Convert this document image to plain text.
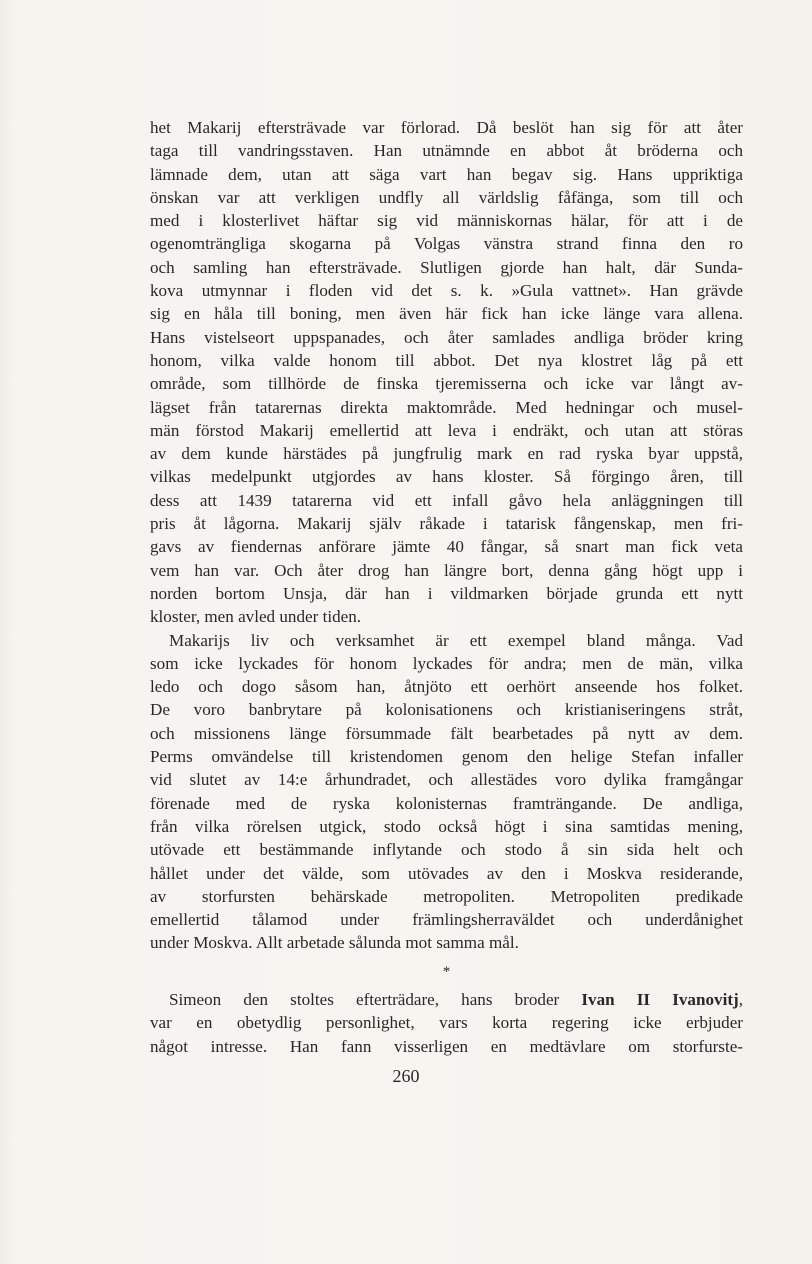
het Makarij eftersträvade var förlorad. Då beslöt han sig för att åter
taga till vandringsstaven. Han utnämnde en abbot åt bröderna och
lämnade dem, utan att säga vart han begav sig. Hans uppriktiga
önskan var att verkligen undfly all världslig fåfänga, som till och
med i klosterlivet häftar sig vid människornas hälar, för att i de
ogenomträngliga skogarna på Volgas vänstra strand finna den ro
och samling han eftersträvade. Slutligen gjorde han halt, där Sunda-
kova utmynnar i floden vid det s. k. »Gula vattnet». Han grävde
sig en håla till boning, men även här fick han icke länge vara allena.
Hans vistelseort uppspanades, och åter samlades andliga bröder kring
honom, vilka valde honom till abbot. Det nya klostret låg på ett
område, som tillhörde de finska tjeremisserna och icke var långt av-
lägset från tatarernas direkta maktområde. Med hedningar och musel-
män förstod Makarij emellertid att leva i endräkt, och utan att störas
av dem kunde härstädes på jungfrulig mark en rad ryska byar uppstå,
vilkas medelpunkt utgjordes av hans kloster. Så förgingo åren, till
dess att 1439 tatarerna vid ett infall gåvo hela anläggningen till
pris åt lågorna. Makarij själv råkade i tatarisk fångenskap, men fri-
gavs av fiendernas anförare jämte 40 fångar, så snart man fick veta
vem han var. Och åter drog han längre bort, denna gång högt upp i
norden bortom Unsja, där han i vildmarken började grunda ett nytt
kloster, men avled under tiden.
Makarijs liv och verksamhet är ett exempel bland många. Vad
som icke lyckades för honom lyckades för andra; men de män, vilka
ledo och dogo såsom han, åtnjöto ett oerhört anseende hos folket.
De voro banbrytare på kolonisationens och kristianiseringens stråt,
och missionens länge försummade fält bearbetades på nytt av dem.
Perms omvändelse till kristendomen genom den helige Stefan infaller
vid slutet av 14:e århundradet, och allestädes voro dylika framgångar
förenade med de ryska kolonisternas framträngande. De andliga,
från vilka rörelsen utgick, stodo också högt i sina samtidas mening,
utövade ett bestämmande inflytande och stodo å sin sida helt och
hållet under det välde, som utövades av den i Moskva residerande,
av storfursten behärskade metropoliten. Metropoliten predikade
emellertid tålamod under främlingsherraväldet och underdånighet
under Moskva. Allt arbetade sålunda mot samma mål.
*
Simeon den stoltes efterträdare, hans broder Ivan II Ivanovitj,
var en obetydlig personlighet, vars korta regering icke erbjuder
något intresse. Han fann visserligen en medtävlare om storfurste-
260
